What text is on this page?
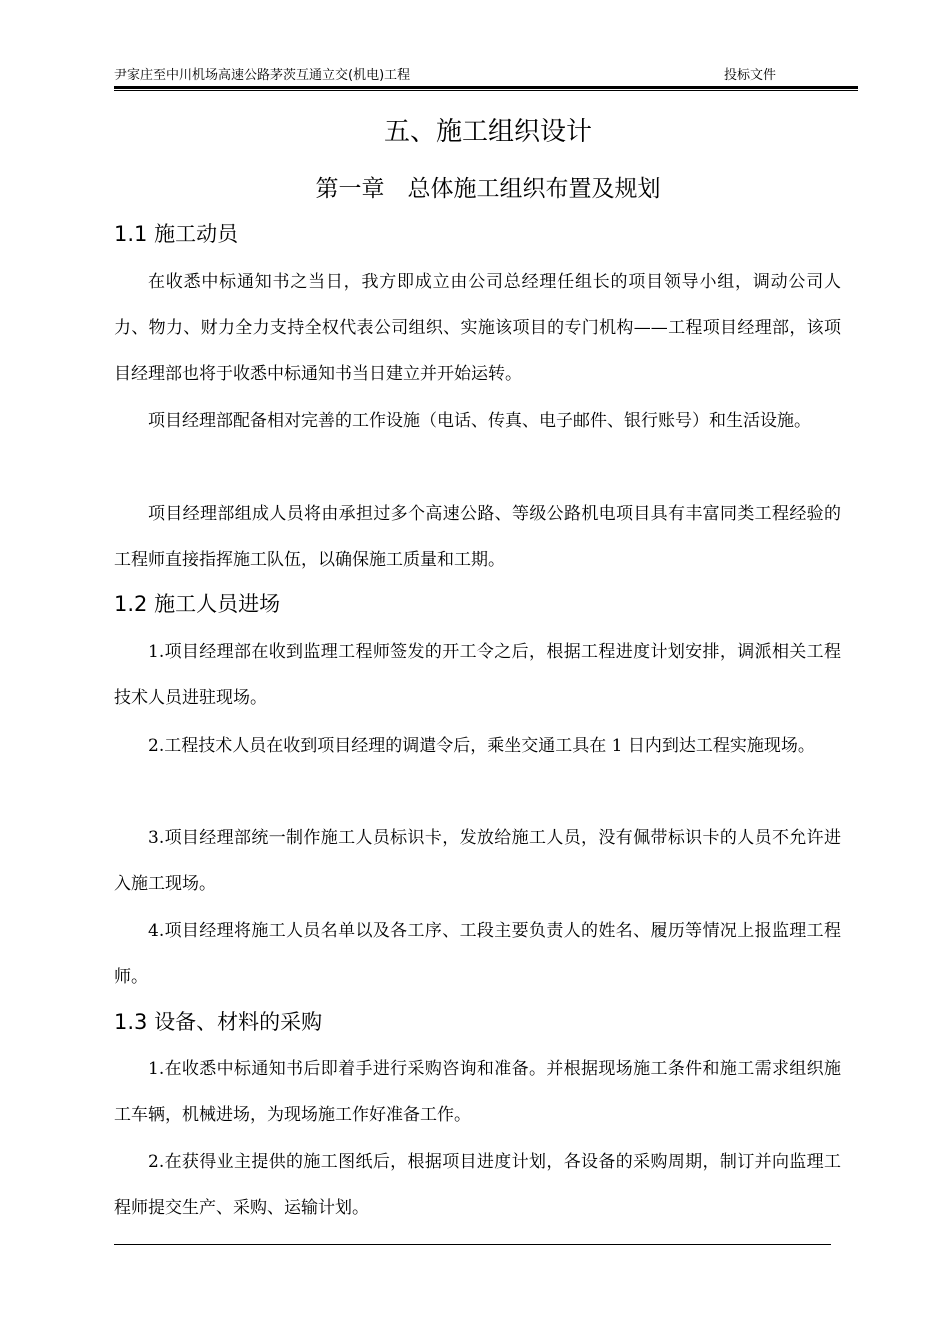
尹家庄至中川机场高速公路茅茨互通立交(机电)工程	投标文件
五、施工组织设计
第一章　总体施工组织布置及规划
1.1 施工动员

在收悉中标通知书之当日，我方即成立由公司总经理任组长的项目领导小组，调动公司人力、物力、财力全力支持全权代表公司组织、实施该项目的专门机构——工程项目经理部，该项目经理部也将于收悉中标通知书当日建立并开始运转。

项目经理部配备相对完善的工作设施（电话、传真、电子邮件、银行账号）和生活设施。

项目经理部组成人员将由承担过多个高速公路、等级公路机电项目具有丰富同类工程经验的工程师直接指挥施工队伍，以确保施工质量和工期。

1.2 施工人员进场

1.项目经理部在收到监理工程师签发的开工令之后，根据工程进度计划安排，调派相关工程技术人员进驻现场。

2.工程技术人员在收到项目经理的调遣令后，乘坐交通工具在 1 日内到达工程实施现场。

3.项目经理部统一制作施工人员标识卡，发放给施工人员，没有佩带标识卡的人员不允许进入施工现场。

4.项目经理将施工人员名单以及各工序、工段主要负责人的姓名、履历等情况上报监理工程师。

1.3 设备、材料的采购

1.在收悉中标通知书后即着手进行采购咨询和准备。并根据现场施工条件和施工需求组织施工车辆，机械进场，为现场施工作好准备工作。

2.在获得业主提供的施工图纸后，根据项目进度计划，各设备的采购周期，制订并向监理工程师提交生产、采购、运输计划。
